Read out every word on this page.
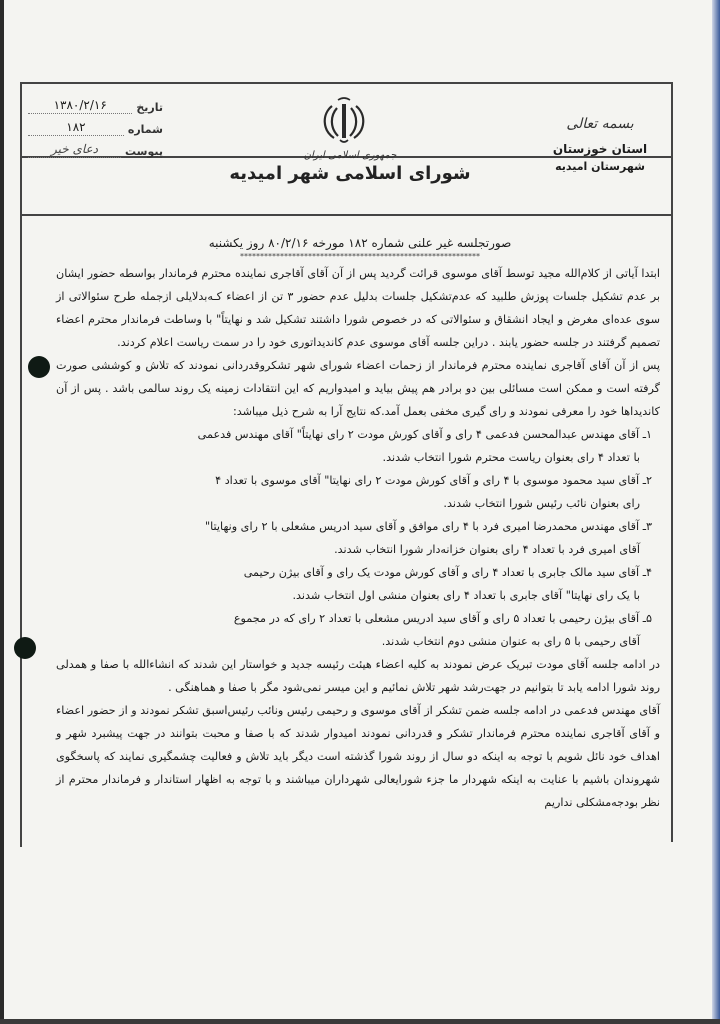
تاریخ
۱۳۸۰/۲/۱۶
شماره
۱۸۲
پیوست
دعای خیر	جمهوری اسلامی ایران
شورای اسلامی شهر امیدیه
بسمه تعالی
استان خوزستان
شهرستان امیدیه
صورتجلسه غیر علنی شماره ۱۸۲ مورخه ۸۰/۲/۱۶ روز یکشنبه
************************************************************

ابتدا آیاتی از کلام‌الله مجید توسط آقای موسوی قرائت گردید پس از آن آقای آقاجری نماینده محترم فرماندار بواسطه حضور ایشان بر عدم تشکیل جلسات پوزش طلبید که عدم‌تشکیل جلسات بدلیل عدم حضور ۳ تن از اعضاء کـه‌بدلایلی ازجمله طرح سئوالاتی از سوی عده‌ای مغرض و ایجاد انشقاق و سئوالاتی که در خصوص شورا داشتند تشکیل شد و نهایتاً" با وساطت فرماندار محترم اعضاء تصمیم گرفتند در جلسه حضور یابند . دراین جلسه آقای موسوی عدم کاندیداتوری خود را در سمت ریاست اعلام کردند.

پس از آن آقای آقاجری نماینده محترم فرماندار از زحمات اعضاء شورای شهر تشکروقدردانی نمودند که تلاش و کوششی صورت گرفته است و ممکن است مسائلی بین دو برادر هم پیش بیاید و امیدواریم که این انتقادات زمینه یک روند سالمی باشد . پس از آن کاندیداها خود را معرفی نمودند و رای گیری مخفی بعمل آمد.که نتایج آرا به شرح ذیل میباشد:

۱ـ آقای مهندس عبدالمحسن فدعمی ۴ رای و آقای کورش مودت ۲ رای نهایتاً" آقای مهندس فدعمی
با تعداد ۴ رای بعنوان ریاست محترم شورا انتخاب شدند.
۲ـ آقای سید محمود موسوی با ۴ رای و آقای کورش مودت ۲ رای نهایتا" آقای موسوی با تعداد ۴
رای بعنوان نائب رئیس شورا انتخاب شدند.
۳ـ آقای مهندس محمدرضا امیری فرد با ۴ رای موافق و آقای سید ادریس مشعلی با ۲ رای ونهایتا"
آقای امیری فرد با تعداد ۴ رای بعنوان خزانه‌دار شورا انتخاب شدند.
۴ـ آقای سید مالک جابری با تعداد ۴ رای و آقای کورش مودت یک رای و آقای بیژن رحیمی
با یک رای نهایتا" آقای جابری با تعداد ۴ رای بعنوان منشی اول انتخاب شدند.
۵ـ آقای بیژن رحیمی با تعداد ۵ رای و آقای سید ادریس مشعلی با تعداد ۲ رای که در مجموع
آقای رحیمی با ۵ رای به عنوان منشی دوم انتخاب شدند.

در ادامه جلسه آقای مودت تبریک عرض نمودند به کلیه اعضاء هیئت رئیسه جدید و خواستار این شدند که انشاءالله با صفا و همدلی روند شورا ادامه یابد تا بتوانیم در جهت‌رشد شهر تلاش نمائیم و این میسر نمی‌شود مگر با صفا و هماهنگی .

آقای مهندس فدعمی در ادامه جلسه ضمن تشکر از آقای موسوی و رحیمی رئیس ونائب رئیس‌اسبق تشکر نمودند و از حضور اعضاء و آقای آقاجری نماینده محترم فرماندار تشکر و قدردانی نمودند امیدوار شدند که با صفا و محبت بتوانند در جهت پیشبرد شهر و اهداف خود نائل شویم با توجه به اینکه دو سال از روند شورا گذشته است دیگر باید تلاش و فعالیت چشمگیری نمایند که پاسخگوی شهروندان باشیم با عنایت به اینکه شهردار ما جزء شورایعالی شهرداران میباشند و با توجه به اظهار استاندار و فرماندار محترم از نظر بودجه‌مشکلی نداریم
